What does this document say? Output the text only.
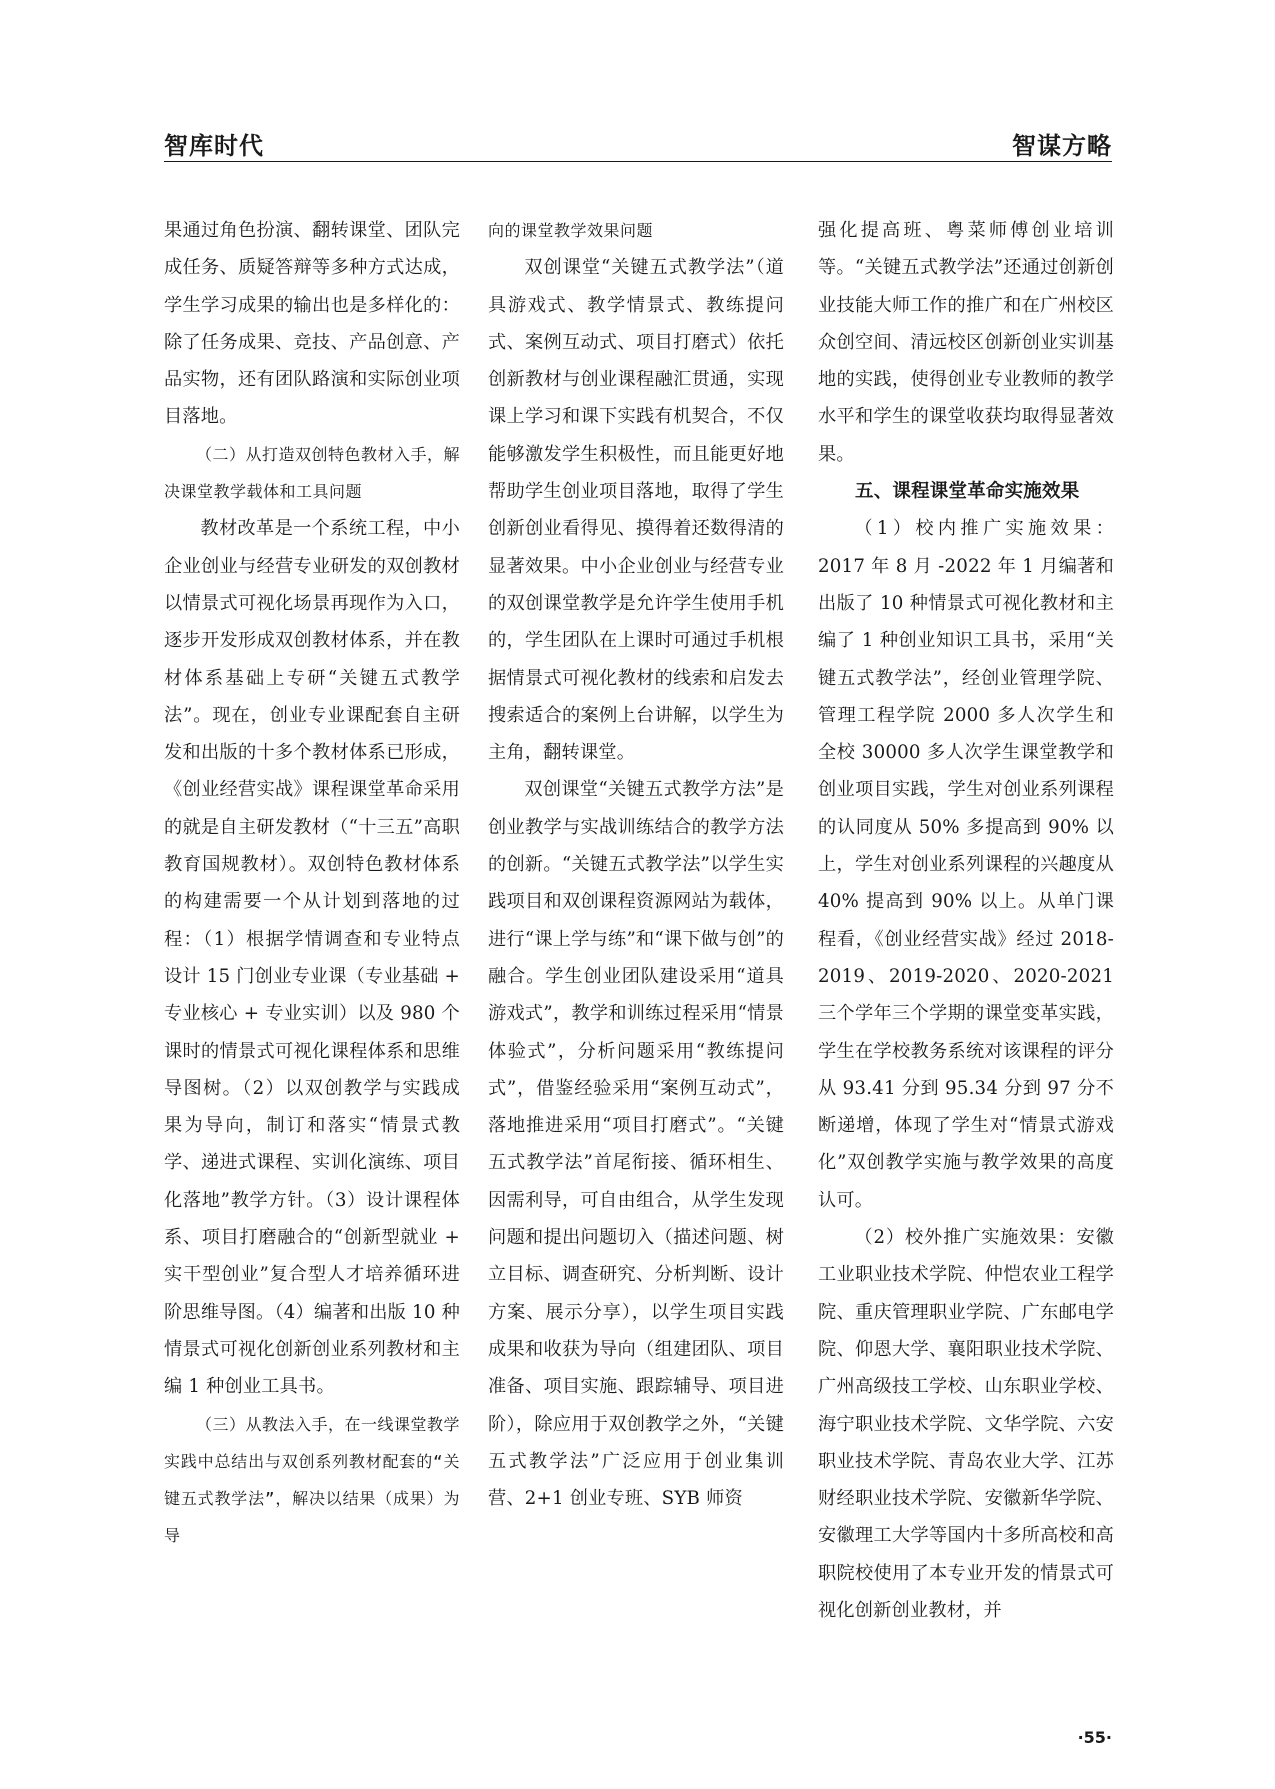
智库时代	智谋方略

果通过角色扮演、翻转课堂、团队完成任务、质疑答辩等多种方式达成，学生学习成果的输出也是多样化的：除了任务成果、竞技、产品创意、产品实物，还有团队路演和实际创业项目落地。

（二）从打造双创特色教材入手，解决课堂教学载体和工具问题

教材改革是一个系统工程，中小企业创业与经营专业研发的双创教材以情景式可视化场景再现作为入口，逐步开发形成双创教材体系，并在教材体系基础上专研“关键五式教学法”。现在，创业专业课配套自主研发和出版的十多个教材体系已形成，《创业经营实战》课程课堂革命采用的就是自主研发教材（“十三五”高职教育国规教材）。双创特色教材体系的构建需要一个从计划到落地的过程：（1）根据学情调查和专业特点设计 15 门创业专业课（专业基础 + 专业核心 + 专业实训）以及 980 个课时的情景式可视化课程体系和思维导图树。（2）以双创教学与实践成果为导向，制订和落实“情景式教学、递进式课程、实训化演练、项目化落地”教学方针。（3）设计课程体系、项目打磨融合的“创新型就业 + 实干型创业”复合型人才培养循环进阶思维导图。（4）编著和出版 10 种情景式可视化创新创业系列教材和主编 1 种创业工具书。

（三）从教法入手，在一线课堂教学实践中总结出与双创系列教材配套的“关键五式教学法”，解决以结果（成果）为导

向的课堂教学效果问题

双创课堂“关键五式教学法”（道具游戏式、教学情景式、教练提问式、案例互动式、项目打磨式）依托创新教材与创业课程融汇贯通，实现课上学习和课下实践有机契合，不仅能够激发学生积极性，而且能更好地帮助学生创业项目落地，取得了学生创新创业看得见、摸得着还数得清的显著效果。中小企业创业与经营专业的双创课堂教学是允许学生使用手机的，学生团队在上课时可通过手机根据情景式可视化教材的线索和启发去搜索适合的案例上台讲解，以学生为主角，翻转课堂。

双创课堂“关键五式教学方法”是创业教学与实战训练结合的教学方法的创新。“关键五式教学法”以学生实践项目和双创课程资源网站为载体，进行“课上学与练”和“课下做与创”的融合。学生创业团队建设采用“道具游戏式”，教学和训练过程采用“情景体验式”，分析问题采用“教练提问式”，借鉴经验采用“案例互动式”，落地推进采用“项目打磨式”。“关键五式教学法”首尾衔接、循环相生、因需利导，可自由组合，从学生发现问题和提出问题切入（描述问题、树立目标、调查研究、分析判断、设计方案、展示分享），以学生项目实践成果和收获为导向（组建团队、项目准备、项目实施、跟踪辅导、项目进阶），除应用于双创教学之外，“关键五式教学法”广泛应用于创业集训营、2+1 创业专班、SYB 师资

强化提高班、粤菜师傅创业培训等。“关键五式教学法”还通过创新创业技能大师工作的推广和在广州校区众创空间、清远校区创新创业实训基地的实践，使得创业专业教师的教学水平和学生的课堂收获均取得显著效果。

五、课程课堂革命实施效果

（1）校内推广实施效果：2017 年 8 月 -2022 年 1 月编著和出版了 10 种情景式可视化教材和主编了 1 种创业知识工具书，采用“关键五式教学法”，经创业管理学院、管理工程学院 2000 多人次学生和全校 30000 多人次学生课堂教学和创业项目实践，学生对创业系列课程的认同度从 50% 多提高到 90% 以上，学生对创业系列课程的兴趣度从 40% 提高到 90% 以上。从单门课程看，《创业经营实战》经过 2018-2019、2019-2020、2020-2021 三个学年三个学期的课堂变革实践，学生在学校教务系统对该课程的评分从 93.41 分到 95.34 分到 97 分不断递增，体现了学生对“情景式游戏化”双创教学实施与教学效果的高度认可。

（2）校外推广实施效果：安徽工业职业技术学院、仲恺农业工程学院、重庆管理职业学院、广东邮电学院、仰恩大学、襄阳职业技术学院、广州高级技工学校、山东职业学校、海宁职业技术学院、文华学院、六安职业技术学院、青岛农业大学、江苏财经职业技术学院、安徽新华学院、安徽理工大学等国内十多所高校和高职院校使用了本专业开发的情景式可视化创新创业教材，并

·55·
